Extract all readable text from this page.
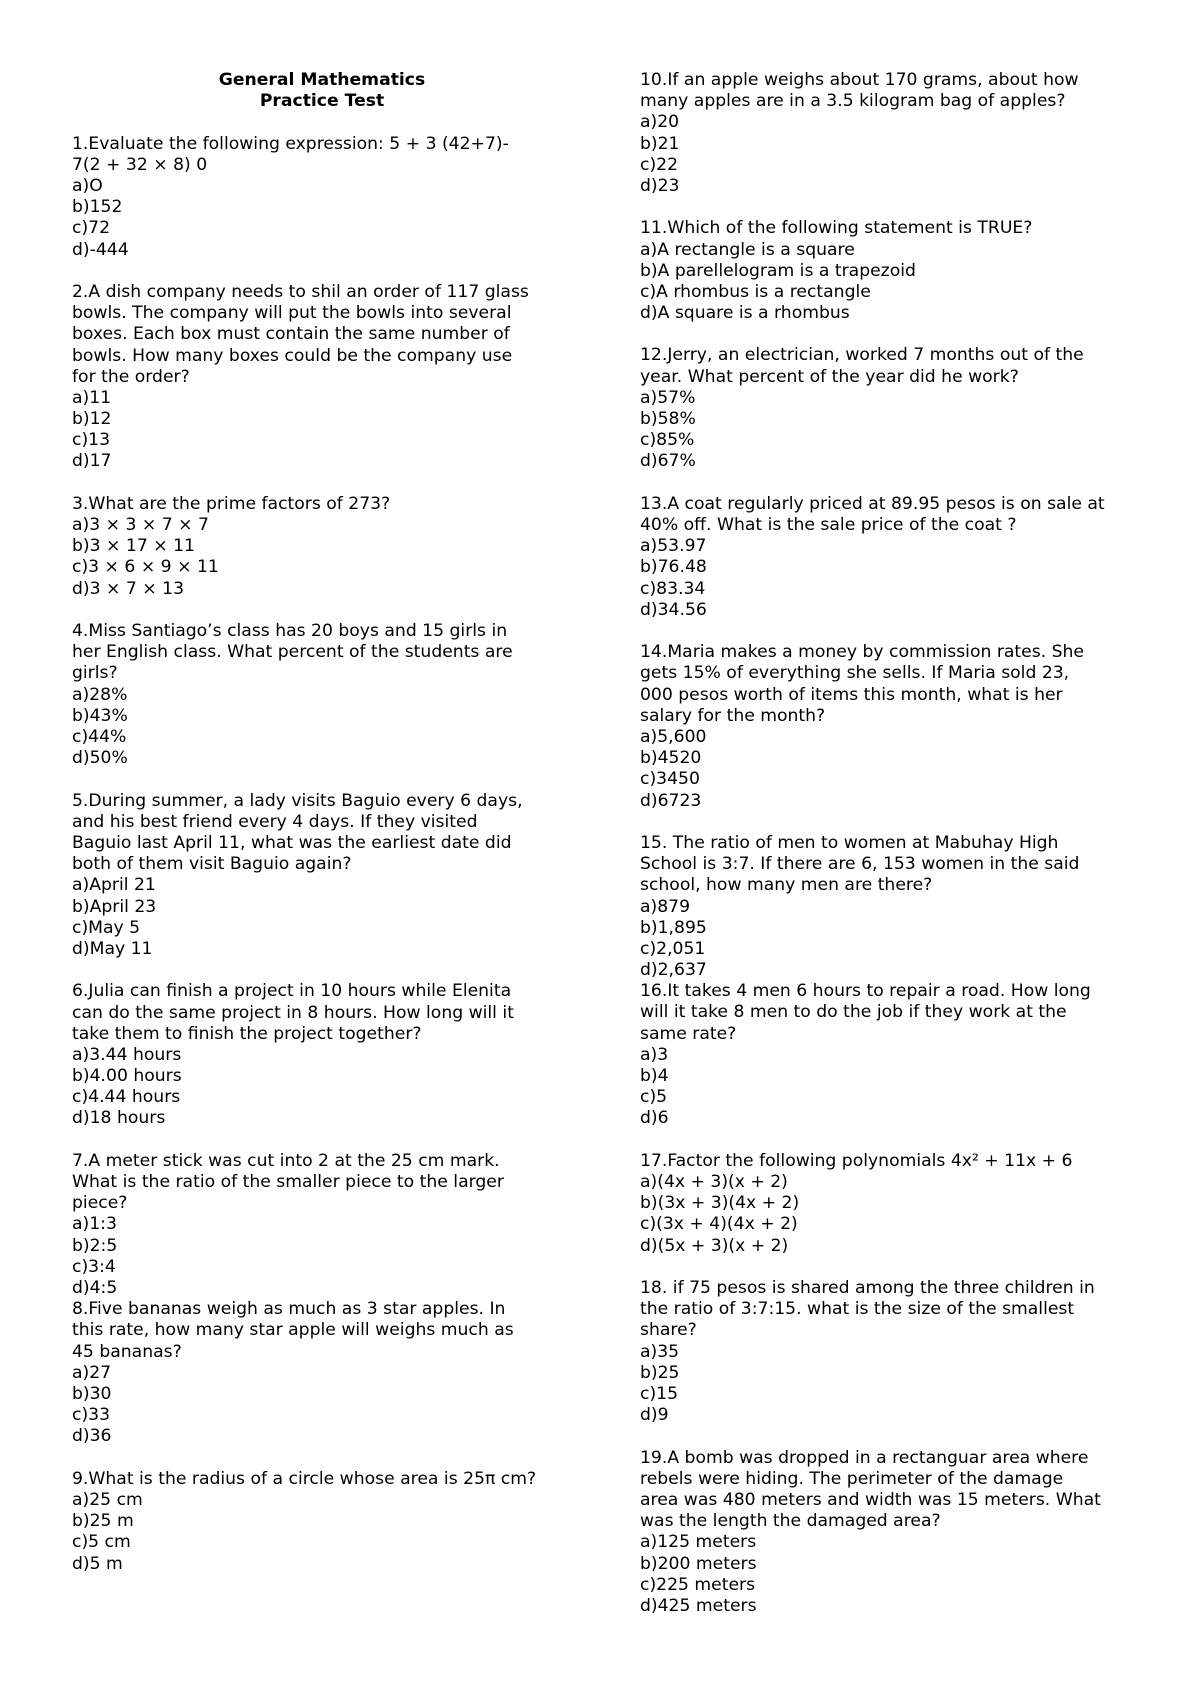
General Mathematics
Practice Test
1.Evaluate the following expression: 5 + 3 (42+7)-
7(2 + 32 × 8) 0
a)O
b)152
c)72
d)-444
2.A dish company needs to shil an order of 117 glass
bowls. The company will put the bowls into several
boxes. Each box must contain the same number of
bowls. How many boxes could be the company use
for the order?
a)11
b)12
c)13
d)17
3.What are the prime factors of 273?
a)3 × 3 × 7 × 7
b)3 × 17 × 11
c)3 × 6 × 9 × 11
d)3 × 7 × 13
4.Miss Santiago’s class has 20 boys and 15 girls in
her English class. What percent of the students are
girls?
a)28%
b)43%
c)44%
d)50%
5.During summer, a lady visits Baguio every 6 days,
and his best friend every 4 days. If they visited
Baguio last April 11, what was the earliest date did
both of them visit Baguio again?
a)April 21
b)April 23
c)May 5
d)May 11
6.Julia can finish a project in 10 hours while Elenita
can do the same project in 8 hours. How long will it
take them to finish the project together?
a)3.44 hours
b)4.00 hours
c)4.44 hours
d)18 hours
7.A meter stick was cut into 2 at the 25 cm mark.
What is the ratio of the smaller piece to the larger
piece?
a)1:3
b)2:5
c)3:4
d)4:5
8.Five bananas weigh as much as 3 star apples. In
this rate, how many star apple will weighs much as
45 bananas?
a)27
b)30
c)33
d)36
9.What is the radius of a circle whose area is 25π cm?
a)25 cm
b)25 m
c)5 cm
d)5 m
10.If an apple weighs about 170 grams, about how
many apples are in a 3.5 kilogram bag of apples?
a)20
b)21
c)22
d)23
11.Which of the following statement is TRUE?
a)A rectangle is a square
b)A parellelogram is a trapezoid
c)A rhombus is a rectangle
d)A square is a rhombus
12.Jerry, an electrician, worked 7 months out of the
year. What percent of the year did he work?
a)57%
b)58%
c)85%
d)67%
13.A coat regularly priced at 89.95 pesos is on sale at
40% off. What is the sale price of the coat ?
a)53.97
b)76.48
c)83.34
d)34.56
14.Maria makes a money by commission rates. She
gets 15% of everything she sells. If Maria sold 23,
000 pesos worth of items this month, what is her
salary for the month?
a)5,600
b)4520
c)3450
d)6723
15. The ratio of men to women at Mabuhay High
School is 3:7. If there are 6, 153 women in the said
school, how many men are there?
a)879
b)1,895
c)2,051
d)2,637
16.It takes 4 men 6 hours to repair a road. How long
will it take 8 men to do the job if they work at the
same rate?
a)3
b)4
c)5
d)6
17.Factor the following polynomials 4x² + 11x + 6
a)(4x + 3)(x + 2)
b)(3x + 3)(4x + 2)
c)(3x + 4)(4x + 2)
d)(5x + 3)(x + 2)
18. if 75 pesos is shared among the three children in
the ratio of 3:7:15. what is the size of the smallest
share?
a)35
b)25
c)15
d)9
19.A bomb was dropped in a rectanguar area where
rebels were hiding. The perimeter of the damage
area was 480 meters and width was 15 meters. What
was the length the damaged area?
a)125 meters
b)200 meters
c)225 meters
d)425 meters
